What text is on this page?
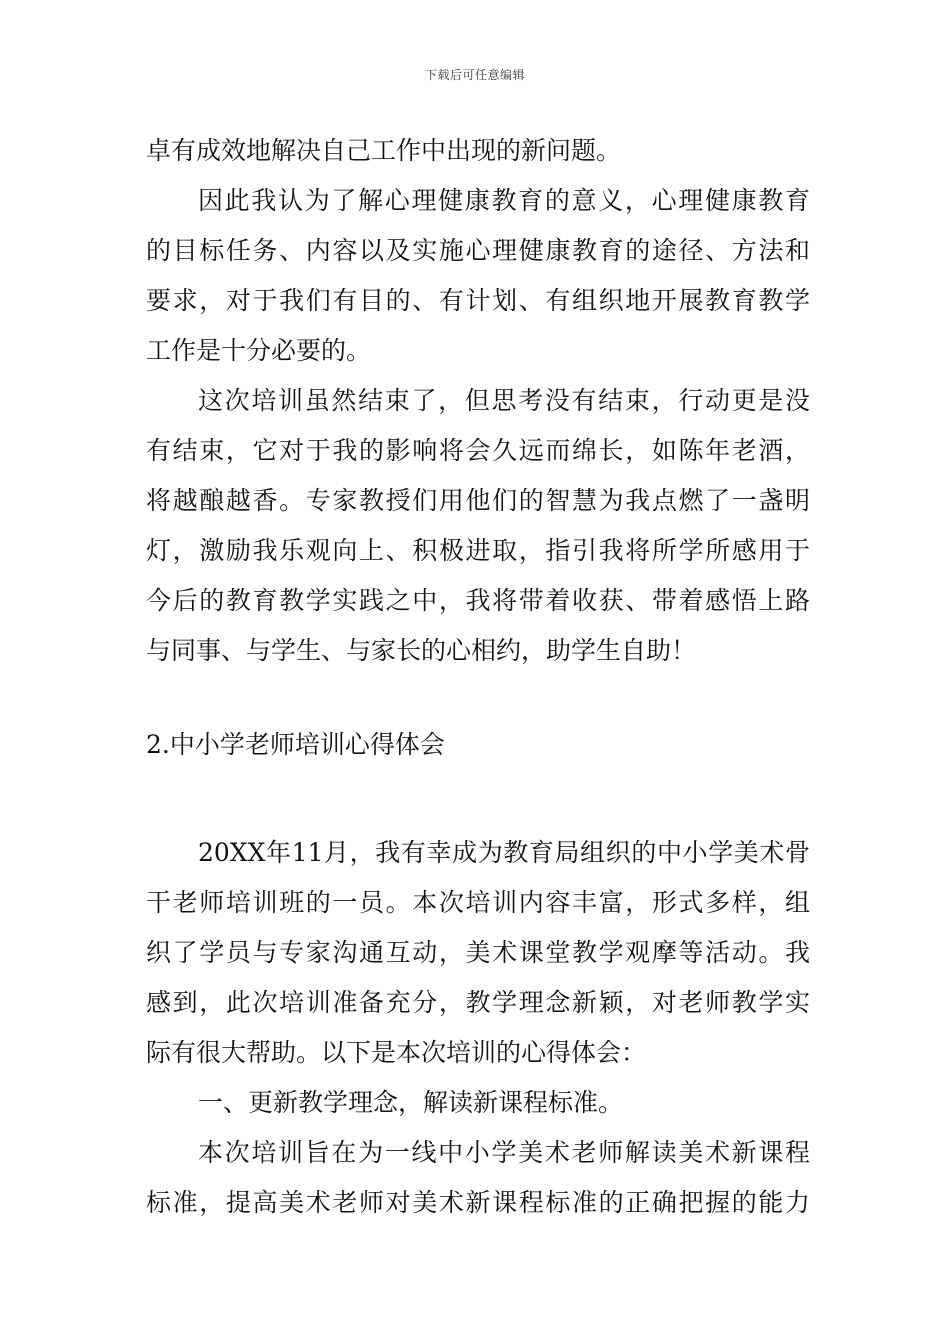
下载后可任意编辑
卓有成效地解决自己工作中出现的新问题。
因此我认为了解心理健康教育的意义，心理健康教育
的目标任务、内容以及实施心理健康教育的途径、方法和
要求，对于我们有目的、有计划、有组织地开展教育教学
工作是十分必要的。
这次培训虽然结束了，但思考没有结束，行动更是没
有结束，它对于我的影响将会久远而绵长，如陈年老酒，
将越酿越香。专家教授们用他们的智慧为我点燃了一盏明
灯，激励我乐观向上、积极进取，指引我将所学所感用于
今后的教育教学实践之中，我将带着收获、带着感悟上路
与同事、与学生、与家长的心相约，助学生自助！
2.中小学老师培训心得体会
20XX年11月，我有幸成为教育局组织的中小学美术骨
干老师培训班的一员。本次培训内容丰富，形式多样，组
织了学员与专家沟通互动，美术课堂教学观摩等活动。我
感到，此次培训准备充分，教学理念新颖，对老师教学实
际有很大帮助。以下是本次培训的心得体会：
一、更新教学理念，解读新课程标准。
本次培训旨在为一线中小学美术老师解读美术新课程
标准，提高美术老师对美术新课程标准的正确把握的能力
